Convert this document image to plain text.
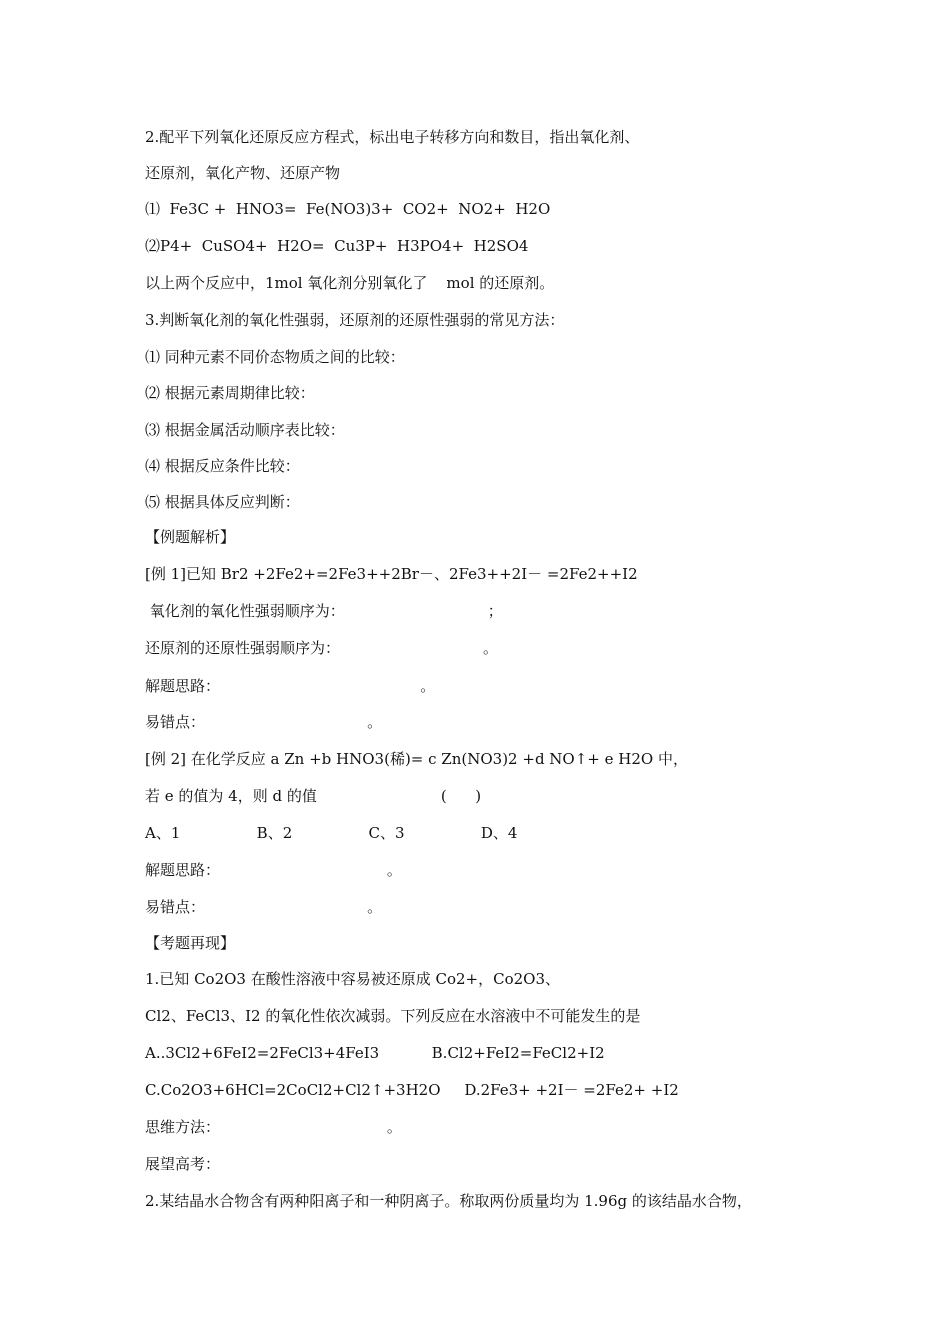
2.配平下列氧化还原反应方程式，标出电子转移方向和数目，指出氧化剂、
还原剂，氧化产物、还原产物
⑴  Fe3C +  HNO3=  Fe(NO3)3+  CO2+  NO2+  H2O
⑵P4+  CuSO4+  H2O=  Cu3P+  H3PO4+  H2SO4
以上两个反应中，1mol 氧化剂分别氧化了    mol 的还原剂。
3.判断氧化剂的氧化性强弱，还原剂的还原性强弱的常见方法：
⑴ 同种元素不同价态物质之间的比较：
⑵ 根据元素周期律比较：
⑶ 根据金属活动顺序表比较：
⑷ 根据反应条件比较：
⑸ 根据具体反应判断：
【例题解析】
[例 1]已知 Br2 +2Fe2+=2Fe3++2Br－、2Fe3++2I－ =2Fe2++I2
氧化剂的氧化性强弱顺序为：                              ；
还原剂的还原性强弱顺序为：                              。
解题思路：                                          。
易错点：                                  。
[例 2] 在化学反应 a Zn +b HNO3(稀)= c Zn(NO3)2 +d NO↑+ e H2O 中，
若 e 的值为 4，则 d 的值                          (      )
A、1                B、2                C、3                D、4
解题思路：                                   。
易错点：                                  。
【考题再现】
1.已知 Co2O3 在酸性溶液中容易被还原成 Co2+，Co2O3、
Cl2、FeCl3、I2 的氧化性依次减弱。下列反应在水溶液中不可能发生的是
A..3Cl2+6FeI2=2FeCl3+4FeI3           B.Cl2+FeI2=FeCl2+I2
C.Co2O3+6HCl=2CoCl2+Cl2↑+3H2O     D.2Fe3+ +2I－ =2Fe2+ +I2
思维方法：                                   。
展望高考：
2.某结晶水合物含有两种阳离子和一种阴离子。称取两份质量均为 1.96g 的该结晶水合物，
